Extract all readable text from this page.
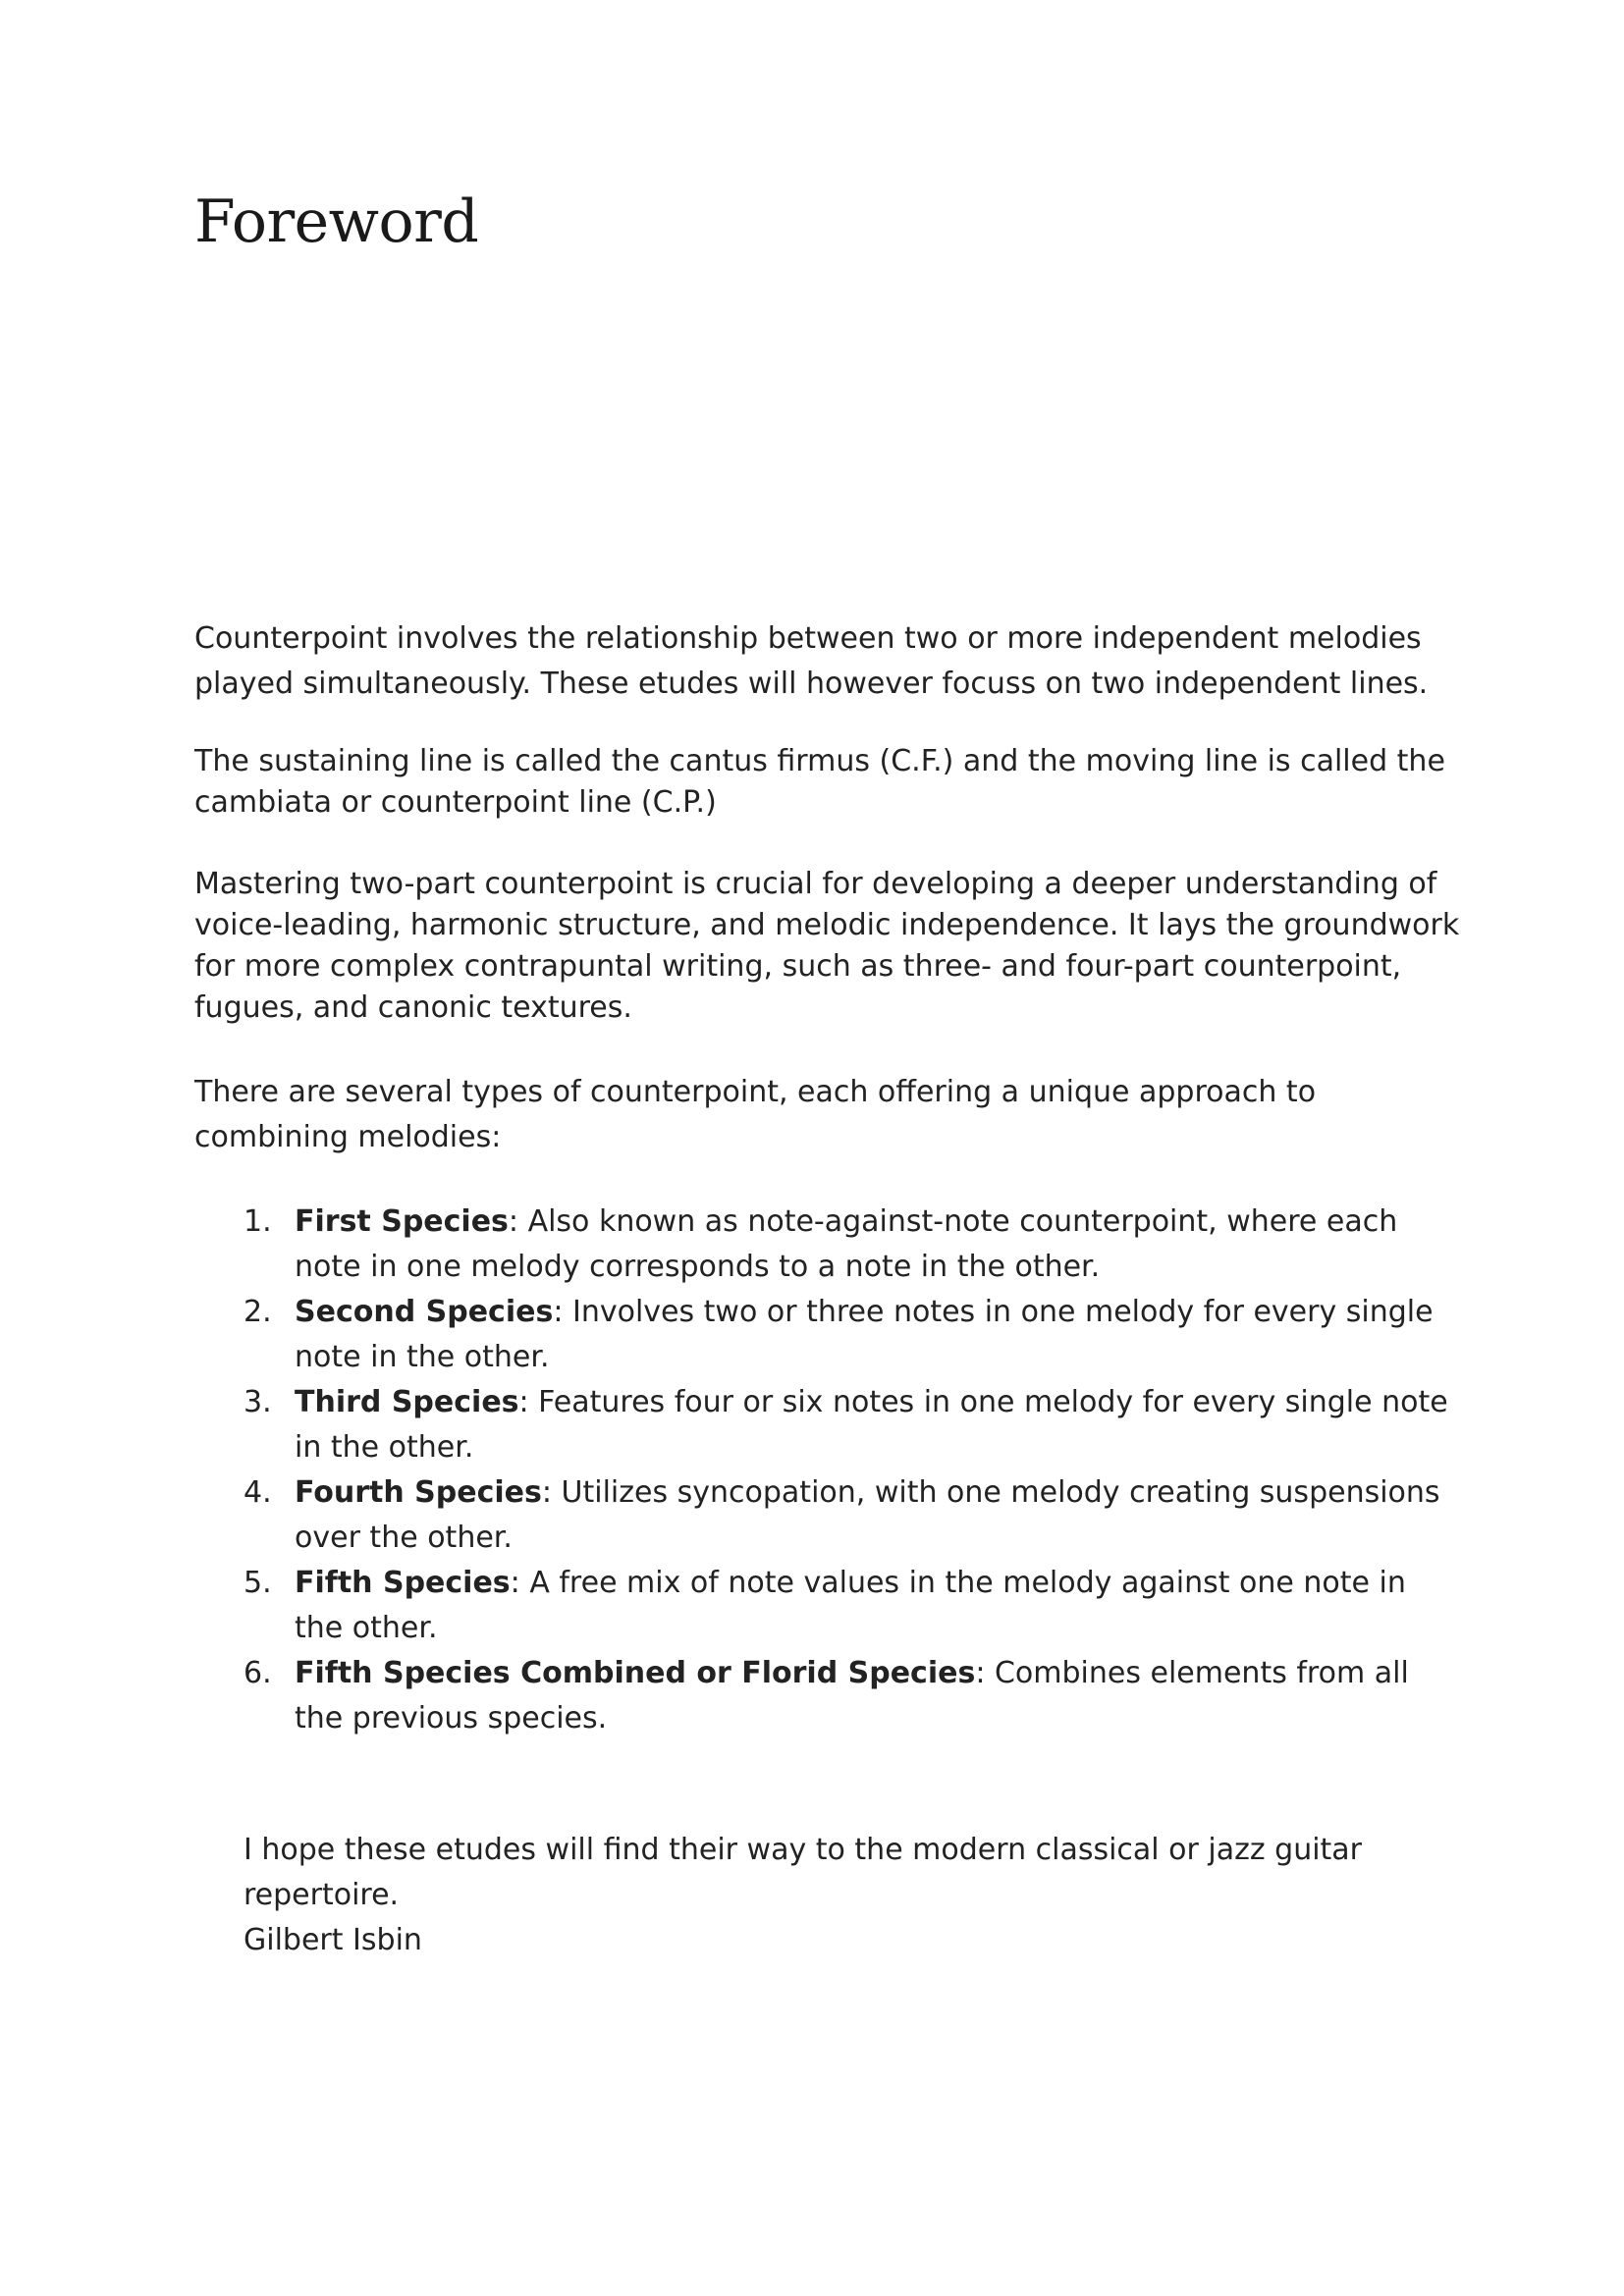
Foreword

Counterpoint involves the relationship between two or more independent melodies played simultaneously. These etudes will however focuss on two independent lines.

The sustaining line is called the cantus firmus (C.F.) and the moving line is called the cambiata or counterpoint line (C.P.)

Mastering two-part counterpoint is crucial for developing a deeper understanding of voice-leading, harmonic structure, and melodic independence. It lays the groundwork for more complex contrapuntal writing, such as three- and four-part counterpoint, fugues, and canonic textures.

There are several types of counterpoint, each offering a unique approach to combining melodies:

1. First Species: Also known as note-against-note counterpoint, where each note in one melody corresponds to a note in the other.
2. Second Species: Involves two or three notes in one melody for every single note in the other.
3. Third Species: Features four or six notes in one melody for every single note in the other.
4. Fourth Species: Utilizes syncopation, with one melody creating suspensions over the other.
5. Fifth Species: A free mix of note values in the melody against one note in the other.
6. Fifth Species Combined or Florid Species: Combines elements from all the previous species.

I hope these etudes will find their way to the modern classical or jazz guitar repertoire.
Gilbert Isbin
